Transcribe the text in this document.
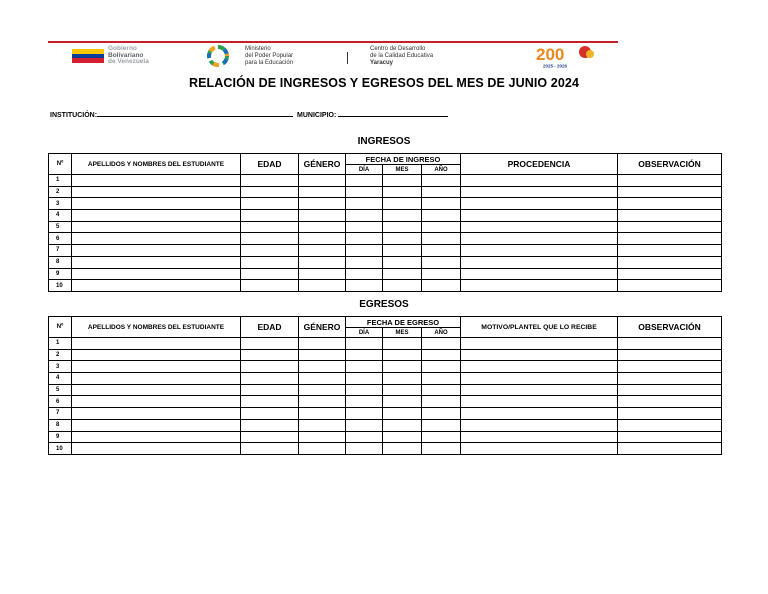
Gobierno
Bolivariano
de Venezuela
Ministerio
del Poder Popular
para la Educación
Centro de Desarrollo
de la Calidad Educativa
Yaracuy	200
2025 - 2026
RELACIÓN DE INGRESOS Y EGRESOS DEL MES DE JUNIO 2024
INSTITUCIÓN:	MUNICIPIO:
INGRESOS
Nº	APELLIDOS Y NOMBRES DEL ESTUDIANTE	EDAD	GÉNERO	FECHA DE INGRESO			PROCEDENCIA	OBSERVACIÓN
				DÍA	MES	AÑO		
1								
2								
3								
4								
5								
6								
7								
8								
9								
10								
EGRESOS
Nº	APELLIDOS Y NOMBRES DEL ESTUDIANTE	EDAD	GÉNERO	FECHA DE EGRESO			MOTIVO/PLANTEL QUE LO RECIBE	OBSERVACIÓN
				DÍA	MES	AÑO		
1								
2								
3								
4								
5								
6								
7								
8								
9								
10								
